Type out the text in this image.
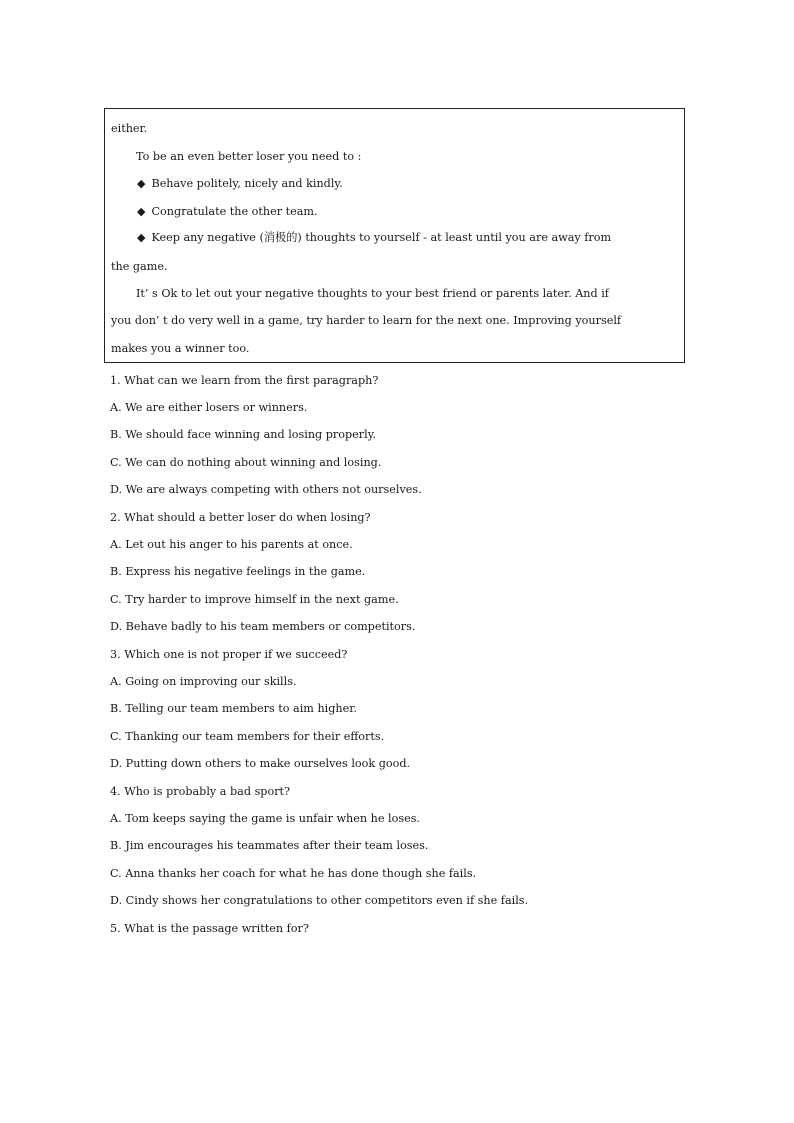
either.
To be an even better loser you need to :
◆ Behave politely, nicely and kindly.
◆ Congratulate the other team.
◆ Keep any negative (消极的) thoughts to yourself - at least until you are away from
the game.
It’ s Ok to let out your negative thoughts to your best friend or parents later. And if
you don’ t do very well in a game, try harder to learn for the next one. Improving yourself
makes you a winner too.
1. What can we learn from the first paragraph?
A. We are either losers or winners.
B. We should face winning and losing properly.
C. We can do nothing about winning and losing.
D. We are always competing with others not ourselves.
2. What should a better loser do when losing?
A. Let out his anger to his parents at once.
B. Express his negative feelings in the game.
C. Try harder to improve himself in the next game.
D. Behave badly to his team members or competitors.
3. Which one is not proper if we succeed?
A. Going on improving our skills.
B. Telling our team members to aim higher.
C. Thanking our team members for their efforts.
D. Putting down others to make ourselves look good.
4. Who is probably a bad sport?
A. Tom keeps saying the game is unfair when he loses.
B. Jim encourages his teammates after their team loses.
C. Anna thanks her coach for what he has done though she fails.
D. Cindy shows her congratulations to other competitors even if she fails.
5. What is the passage written for?
